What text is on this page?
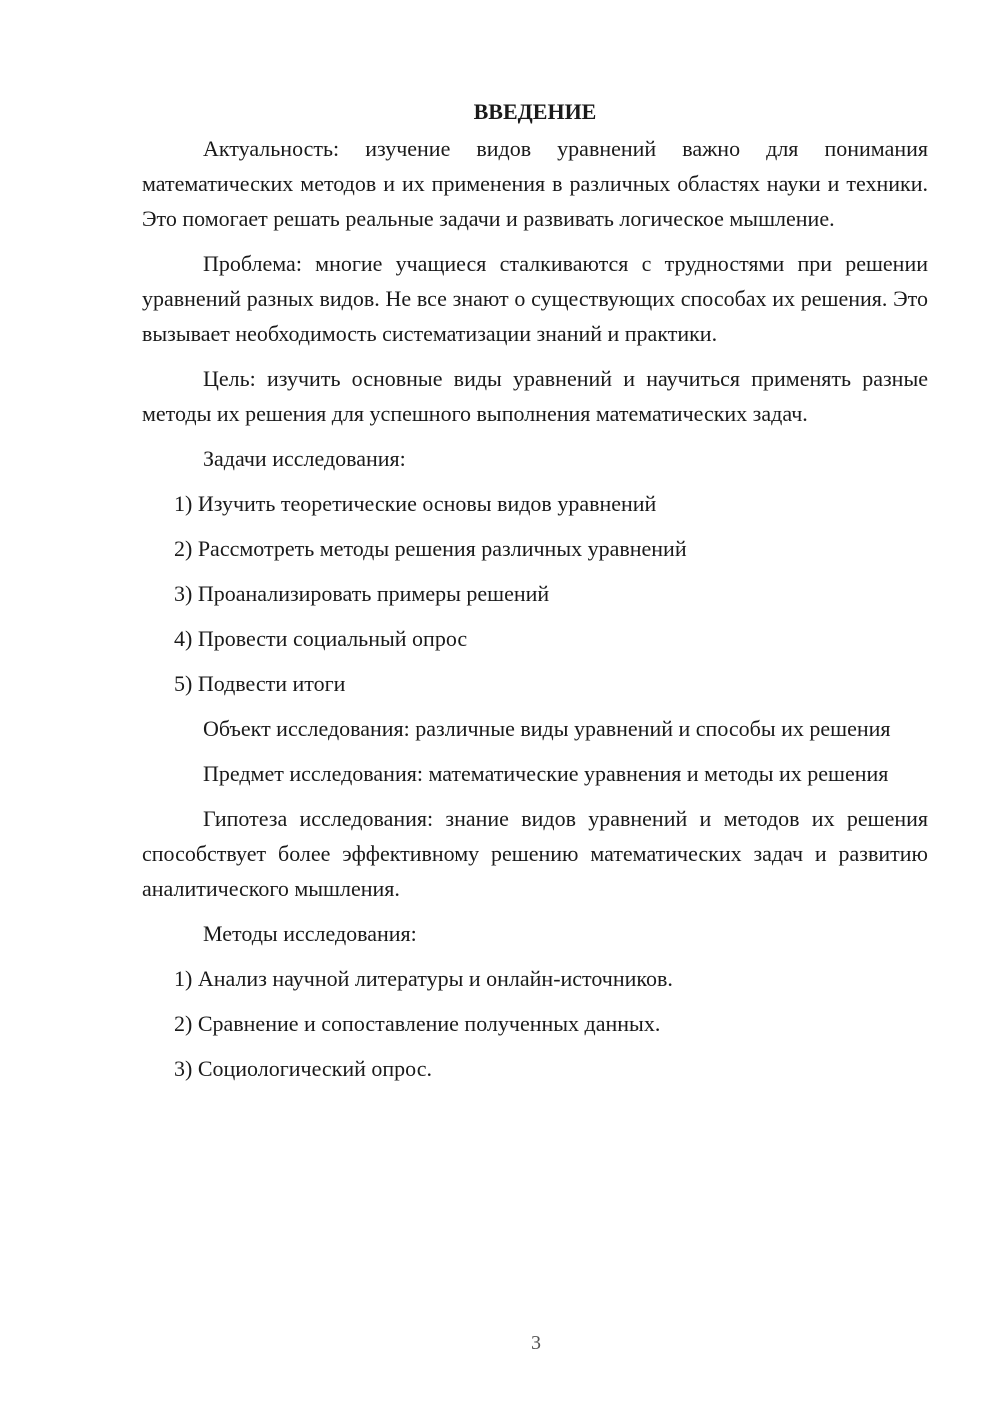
ВВЕДЕНИЕ
Актуальность: изучение видов уравнений важно для понимания математических методов и их применения в различных областях науки и техники. Это помогает решать реальные задачи и развивать логическое мышление.
Проблема: многие учащиеся сталкиваются с трудностями при решении уравнений разных видов. Не все знают о существующих способах их решения. Это вызывает необходимость систематизации знаний и практики.
Цель: изучить основные виды уравнений и научиться применять разные методы их решения для успешного выполнения математических задач.
Задачи исследования:
1) Изучить теоретические основы видов уравнений
2) Рассмотреть методы решения различных уравнений
3) Проанализировать примеры решений
4) Провести социальный опрос
5) Подвести итоги
Объект исследования: различные виды уравнений и способы их решения
Предмет исследования: математические уравнения и методы их решения
Гипотеза исследования: знание видов уравнений и методов их решения способствует более эффективному решению математических задач и развитию аналитического мышления.
Методы исследования:
1) Анализ научной литературы и онлайн-источников.
2) Сравнение и сопоставление полученных данных.
3) Социологический опрос.
3
